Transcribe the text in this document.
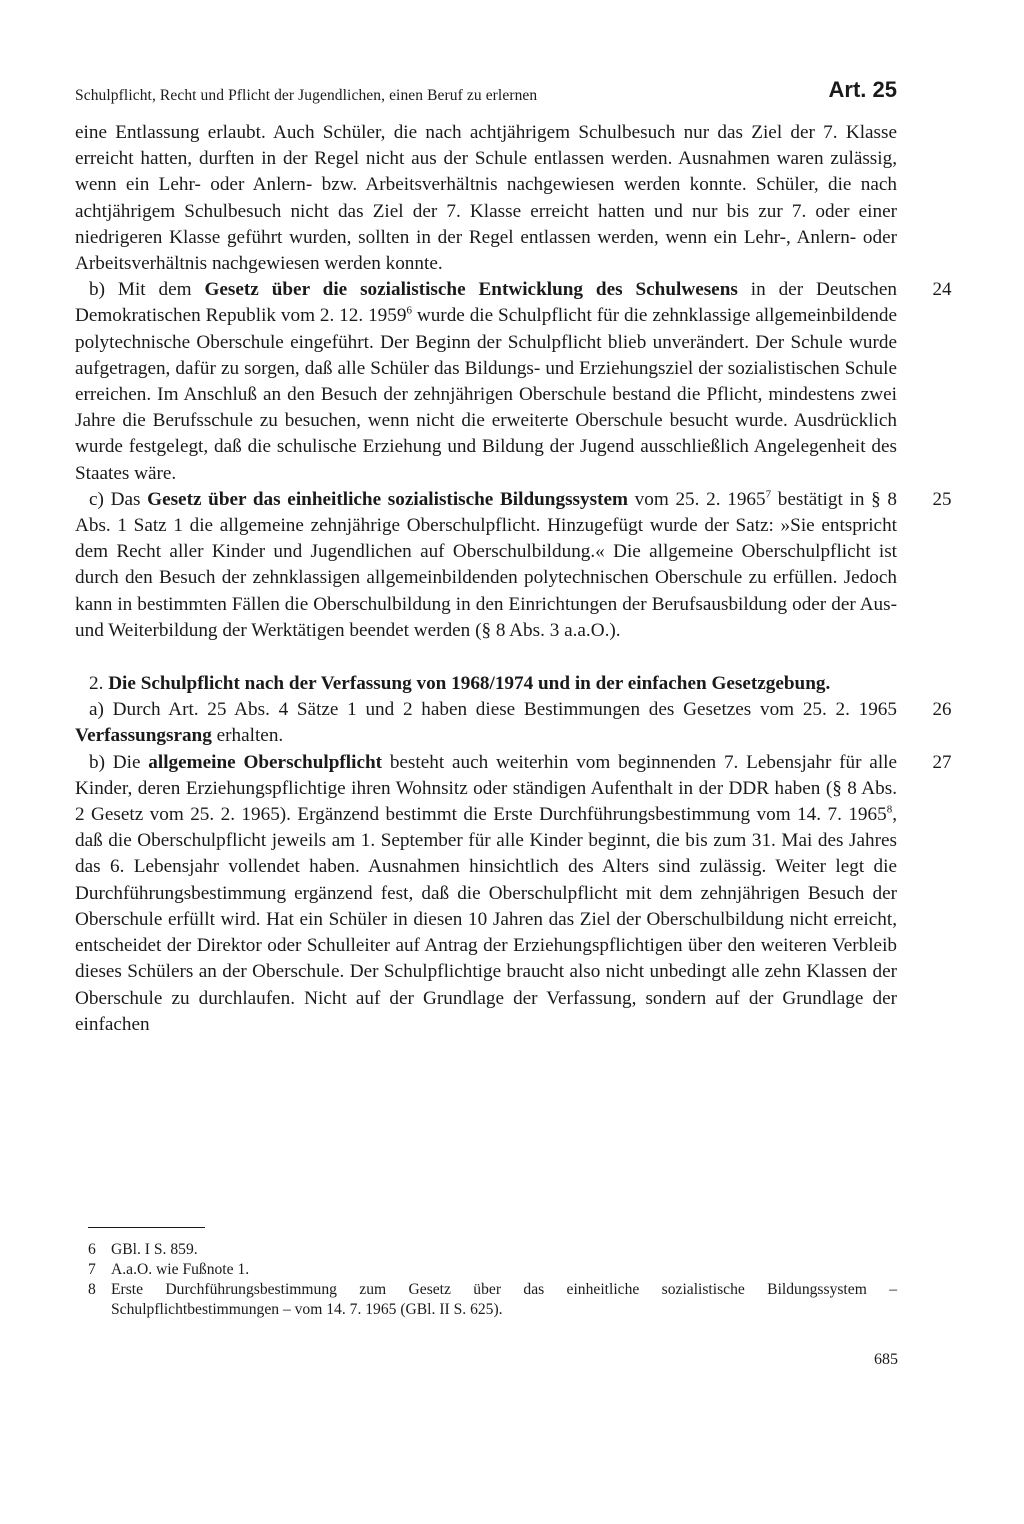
Schulpflicht, Recht und Pflicht der Jugendlichen, einen Beruf zu erlernen	Art. 25

eine Entlassung erlaubt. Auch Schüler, die nach achtjährigem Schulbesuch nur das Ziel der 7. Klasse erreicht hatten, durften in der Regel nicht aus der Schule entlassen werden. Ausnahmen waren zulässig, wenn ein Lehr- oder Anlern- bzw. Arbeitsverhältnis nachgewiesen werden konnte. Schüler, die nach achtjährigem Schulbesuch nicht das Ziel der 7. Klasse erreicht hatten und nur bis zur 7. oder einer niedrigeren Klasse geführt wurden, sollten in der Regel entlassen werden, wenn ein Lehr-, Anlern- oder Arbeitsverhältnis nachgewiesen werden konnte.

24
b) Mit dem Gesetz über die sozialistische Entwicklung des Schulwesens in der Deutschen Demokratischen Republik vom 2. 12. 1959$^6$ wurde die Schulpflicht für die zehnklassige allgemeinbildende polytechnische Oberschule eingeführt. Der Beginn der Schulpflicht blieb unverändert. Der Schule wurde aufgetragen, dafür zu sorgen, daß alle Schüler das Bildungs- und Erziehungsziel der sozialistischen Schule erreichen. Im Anschluß an den Besuch der zehnjährigen Oberschule bestand die Pflicht, mindestens zwei Jahre die Berufsschule zu besuchen, wenn nicht die erweiterte Oberschule besucht wurde. Ausdrücklich wurde festgelegt, daß die schulische Erziehung und Bildung der Jugend ausschließlich Angelegenheit des Staates wäre.

25
c) Das Gesetz über das einheitliche sozialistische Bildungssystem vom 25. 2. 1965$^7$ bestätigt in § 8 Abs. 1 Satz 1 die allgemeine zehnjährige Oberschulpflicht. Hinzugefügt wurde der Satz: »Sie entspricht dem Recht aller Kinder und Jugendlichen auf Oberschulbildung.« Die allgemeine Oberschulpflicht ist durch den Besuch der zehnklassigen allgemeinbildenden polytechnischen Oberschule zu erfüllen. Jedoch kann in bestimmten Fällen die Oberschulbildung in den Einrichtungen der Berufsausbildung oder der Aus- und Weiterbildung der Werktätigen beendet werden (§ 8 Abs. 3 a.a.O.).

2. Die Schulpflicht nach der Verfassung von 1968/1974 und in der einfachen Gesetzgebung.

26
a) Durch Art. 25 Abs. 4 Sätze 1 und 2 haben diese Bestimmungen des Gesetzes vom 25. 2. 1965 Verfassungsrang erhalten.

27
b) Die allgemeine Oberschulpflicht besteht auch weiterhin vom beginnenden 7. Lebensjahr für alle Kinder, deren Erziehungspflichtige ihren Wohnsitz oder ständigen Aufenthalt in der DDR haben (§ 8 Abs. 2 Gesetz vom 25. 2. 1965). Ergänzend bestimmt die Erste Durchführungsbestimmung vom 14. 7. 1965$^8$, daß die Oberschulpflicht jeweils am 1. September für alle Kinder beginnt, die bis zum 31. Mai des Jahres das 6. Lebensjahr vollendet haben. Ausnahmen hinsichtlich des Alters sind zulässig. Weiter legt die Durchführungsbestimmung ergänzend fest, daß die Oberschulpflicht mit dem zehnjährigen Besuch der Oberschule erfüllt wird. Hat ein Schüler in diesen 10 Jahren das Ziel der Oberschulbildung nicht erreicht, entscheidet der Direktor oder Schulleiter auf Antrag der Erziehungspflichtigen über den weiteren Verbleib dieses Schülers an der Oberschule. Der Schulpflichtige braucht also nicht unbedingt alle zehn Klassen der Oberschule zu durchlaufen. Nicht auf der Grundlage der Verfassung, sondern auf der Grundlage der einfachen

6 GBl. I S. 859.

7 A.a.O. wie Fußnote 1.

8 Erste Durchführungsbestimmung zum Gesetz über das einheitliche sozialistische Bildungssystem – Schulpflichtbestimmungen – vom 14. 7. 1965 (GBl. II S. 625).

685
